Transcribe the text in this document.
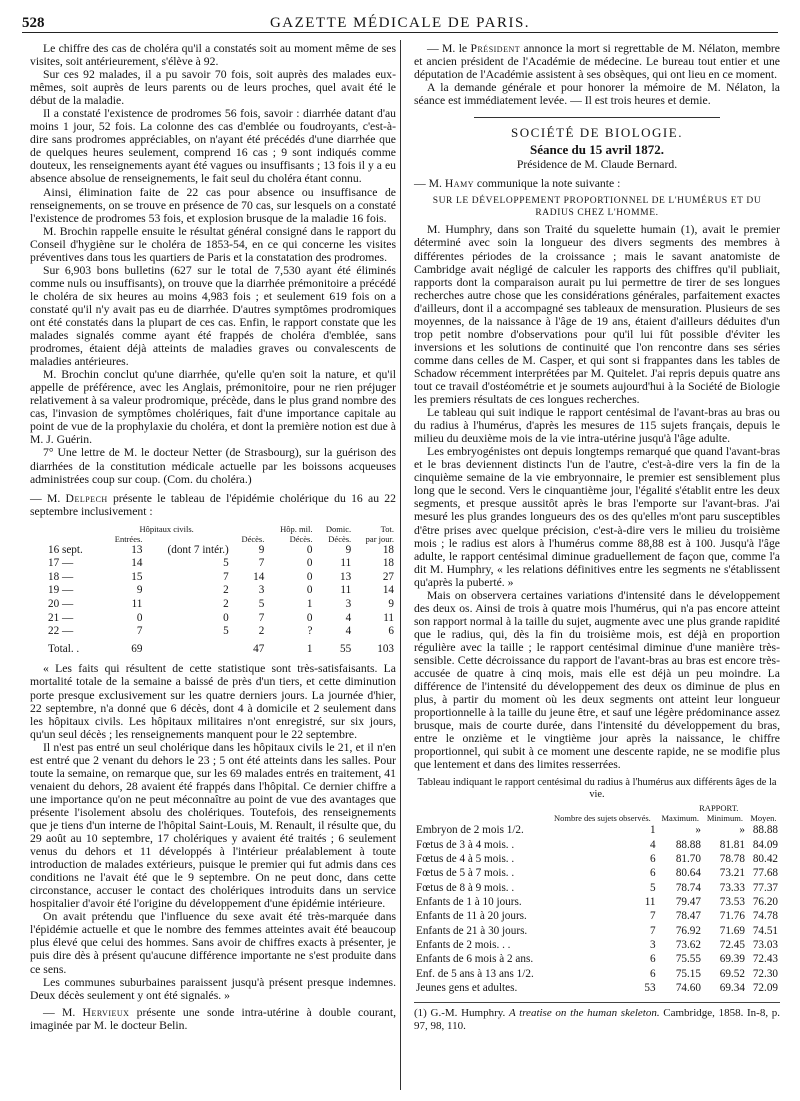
528	GAZETTE MÉDICALE DE PARIS.

Le chiffre des cas de choléra qu'il a constatés soit au moment même de ses visites, soit antérieurement, s'élève à 92.

Sur ces 92 malades, il a pu savoir 70 fois, soit auprès des malades eux-mêmes, soit auprès de leurs parents ou de leurs proches, quel avait été le début de la maladie.

Il a constaté l'existence de prodromes 56 fois, savoir : diarrhée datant d'au moins 1 jour, 52 fois. La colonne des cas d'emblée ou foudroyants, c'est-à-dire sans prodromes appréciables, on n'ayant été précédés d'une diarrhée que de quelques heures seulement, comprend 16 cas ; 9 sont indiqués comme douteux, les renseignements ayant été vagues ou insuffisants ; 13 fois il y a eu absence absolue de renseignements, le fait seul du choléra étant connu.

Ainsi, élimination faite de 22 cas pour absence ou insuffisance de renseignements, on se trouve en présence de 70 cas, sur lesquels on a constaté l'existence de prodromes 53 fois, et explosion brusque de la maladie 16 fois.

M. Brochin rappelle ensuite le résultat général consigné dans le rapport du Conseil d'hygiène sur le choléra de 1853-54, en ce qui concerne les visites préventives dans tous les quartiers de Paris et la constatation des prodromes.

Sur 6,903 bons bulletins (627 sur le total de 7,530 ayant été éliminés comme nuls ou insuffisants), on trouve que la diarrhée prémonitoire a précédé le choléra de six heures au moins 4,983 fois ; et seulement 619 fois on a constaté qu'il n'y avait pas eu de diarrhée. D'autres symptômes prodromiques ont été constatés dans la plupart de ces cas. Enfin, le rapport constate que les malades signalés comme ayant été frappés de choléra d'emblée, sans prodromes, étaient déjà atteints de maladies graves ou convalescents de maladies antérieures.

M. Brochin conclut qu'une diarrhée, qu'elle qu'en soit la nature, et qu'il appelle de préférence, avec les Anglais, prémonitoire, pour ne rien préjuger relativement à sa valeur prodromique, précède, dans le plus grand nombre des cas, l'invasion de symptômes cholériques, fait d'une importance capitale au point de vue de la prophylaxie du choléra, et dont la première notion est due à M. J. Guérin.

7° Une lettre de M. le docteur Netter (de Strasbourg), sur la guérison des diarrhées de la constitution médicale actuelle par les boissons acqueuses administrées coup sur coup. (Com. du choléra.)

— M. Delpech présente le tableau de l'épidémie cholérique du 16 au 22 septembre inclusivement :

	Hôpitaux civils.			Hôp. mil.	Domic.	Tot.
	Entrées.		Décès.	Décès.	Décès.	par jour.
16 sept.	13	(dont 7 intér.)	9	0	9	18
17 —	14	5	7	0	11	18
18 —	15	7	14	0	13	27
19 —	9	2	3	0	11	14
20 —	11	2	5	1	3	9
21 —	0	0	7	0	4	11
22 —	7	5	2	?	4	6
Total. .	69		47	1	55	103

« Les faits qui résultent de cette statistique sont très-satisfaisants. La mortalité totale de la semaine a baissé de près d'un tiers, et cette diminution porte presque exclusivement sur les quatre derniers jours. La journée d'hier, 22 septembre, n'a donné que 6 décès, dont 4 à domicile et 2 seulement dans les hôpitaux civils. Les hôpitaux militaires n'ont enregistré, sur six jours, qu'un seul décès ; les renseignements manquent pour le 22 septembre.

Il n'est pas entré un seul cholérique dans les hôpitaux civils le 21, et il n'en est entré que 2 venant du dehors le 23 ; 5 ont été atteints dans les salles. Pour toute la semaine, on remarque que, sur les 69 malades entrés en traitement, 41 venaient du dehors, 28 avaient été frappés dans l'hôpital. Ce dernier chiffre a une importance qu'on ne peut méconnaître au point de vue des avantages que présente l'isolement absolu des cholériques. Toutefois, des renseignements que je tiens d'un interne de l'hôpital Saint-Louis, M. Renault, il résulte que, du 29 août au 10 septembre, 17 cholériques y avaient été traités ; 6 seulement venus du dehors et 11 développés à l'intérieur préalablement à toute introduction de malades extérieurs, puisque le premier qui fut admis dans ces conditions ne l'avait été que le 9 septembre. On ne peut donc, dans cette circonstance, accuser le contact des cholériques introduits dans un service hospitalier d'avoir été l'origine du développement d'une épidémie intérieure.

On avait prétendu que l'influence du sexe avait été très-marquée dans l'épidémie actuelle et que le nombre des femmes atteintes avait été beaucoup plus élevé que celui des hommes. Sans avoir de chiffres exacts à présenter, je puis dire dès à présent qu'aucune différence importante ne s'est produite dans ce sens.

Les communes suburbaines paraissent jusqu'à présent presque indemnes. Deux décès seulement y ont été signalés. »

— M. Hervieux présente une sonde intra-utérine à double courant, imaginée par M. le docteur Belin.

— M. le Président annonce la mort si regrettable de M. Nélaton, membre et ancien président de l'Académie de médecine. Le bureau tout entier et une députation de l'Académie assistent à ses obsèques, qui ont lieu en ce moment.

A la demande générale et pour honorer la mémoire de M. Nélaton, la séance est immédiatement levée. — Il est trois heures et demie.

SOCIÉTÉ DE BIOLOGIE.
Séance du 15 avril 1872.
Présidence de M. Claude Bernard.

— M. Hamy communique la note suivante :

SUR LE DÉVELOPPEMENT PROPORTIONNEL DE L'HUMÉRUS ET DU RADIUS CHEZ L'HOMME.

M. Humphry, dans son Traité du squelette humain (1), avait le premier déterminé avec soin la longueur des divers segments des membres à différentes périodes de la croissance ; mais le savant anatomiste de Cambridge avait négligé de calculer les rapports des chiffres qu'il publiait, rapports dont la comparaison aurait pu lui permettre de tirer de ses longues recherches autre chose que les considérations générales, parfaitement exactes d'ailleurs, dont il a accompagné ses tableaux de mensuration. Plusieurs de ses moyennes, de la naissance à l'âge de 19 ans, étaient d'ailleurs déduites d'un trop petit nombre d'observations pour qu'il lui fût possible d'éviter les inversions et les solutions de continuité que l'on rencontre dans ses séries comme dans celles de M. Casper, et qui sont si frappantes dans les tables de Schadow récemment interprétées par M. Quitelet. J'ai repris depuis quatre ans tout ce travail d'ostéométrie et je soumets aujourd'hui à la Société de Biologie les premiers résultats de ces longues recherches.

Le tableau qui suit indique le rapport centésimal de l'avant-bras au bras ou du radius à l'humérus, d'après les mesures de 115 sujets français, depuis le milieu du deuxième mois de la vie intra-utérine jusqu'à l'âge adulte.

Les embryogénistes ont depuis longtemps remarqué que quand l'avant-bras et le bras deviennent distincts l'un de l'autre, c'est-à-dire vers la fin de la cinquième semaine de la vie embryonnaire, le premier est sensiblement plus long que le second. Vers le cinquantième jour, l'égalité s'établit entre les deux segments, et presque aussitôt après le bras l'emporte sur l'avant-bras. J'ai mesuré les plus grandes longueurs des os des qu'elles m'ont paru susceptibles d'être prises avec quelque précision, c'est-à-dire vers le milieu du troisième mois ; le radius est alors à l'humérus comme 88,88 est à 100. Jusqu'à l'âge adulte, le rapport centésimal diminue graduellement de façon que, comme l'a dit M. Humphry, « les relations définitives entre les segments ne s'établissent qu'après la puberté. »

Mais on observera certaines variations d'intensité dans le développement des deux os. Ainsi de trois à quatre mois l'humérus, qui n'a pas encore atteint son rapport normal à la taille du sujet, augmente avec une plus grande rapidité que le radius, qui, dès la fin du troisième mois, est déjà en proportion régulière avec la taille ; le rapport centésimal diminue d'une manière très-sensible. Cette décroissance du rapport de l'avant-bras au bras est encore très-accusée de quatre à cinq mois, mais elle est déjà un peu moindre. La différence de l'intensité du développement des deux os diminue de plus en plus, à partir du moment où les deux segments ont atteint leur longueur proportionnelle à la taille du jeune être, et sauf une légère prédominance assez brusque, mais de courte durée, dans l'intensité du développement du bras, entre le onzième et le vingtième jour après la naissance, le chiffre proportionnel, qui subit à ce moment une descente rapide, ne se modifie plus que lentement et dans des limites resserrées.

Tableau indiquant le rapport centésimal du radius à l'humérus aux différents âges de la vie.
		RAPPORT.		
	Nombre des sujets observés.	Maximum.	Minimum.	Moyen.
Embryon de 2 mois 1/2.	1	»	»	88.88
Fœtus de 3 à 4 mois. .	4	88.88	81.81	84.09
Fœtus de 4 à 5 mois. .	6	81.70	78.78	80.42
Fœtus de 5 à 7 mois. .	6	80.64	73.21	77.68
Fœtus de 8 à 9 mois. .	5	78.74	73.33	77.37
Enfants de 1 à 10 jours.	11	79.47	73.53	76.20
Enfants de 11 à 20 jours.	7	78.47	71.76	74.78
Enfants de 21 à 30 jours.	7	76.92	71.69	74.51
Enfants de 2 mois. . .	3	73.62	72.45	73.03
Enfants de 6 mois à 2 ans.	6	75.55	69.39	72.43
Enf. de 5 ans à 13 ans 1/2.	6	75.15	69.52	72.30
Jeunes gens et adultes.	53	74.60	69.34	72.09
(1) G.-M. Humphry. A treatise on the human skeleton. Cambridge, 1858. In-8, p. 97, 98, 110.
